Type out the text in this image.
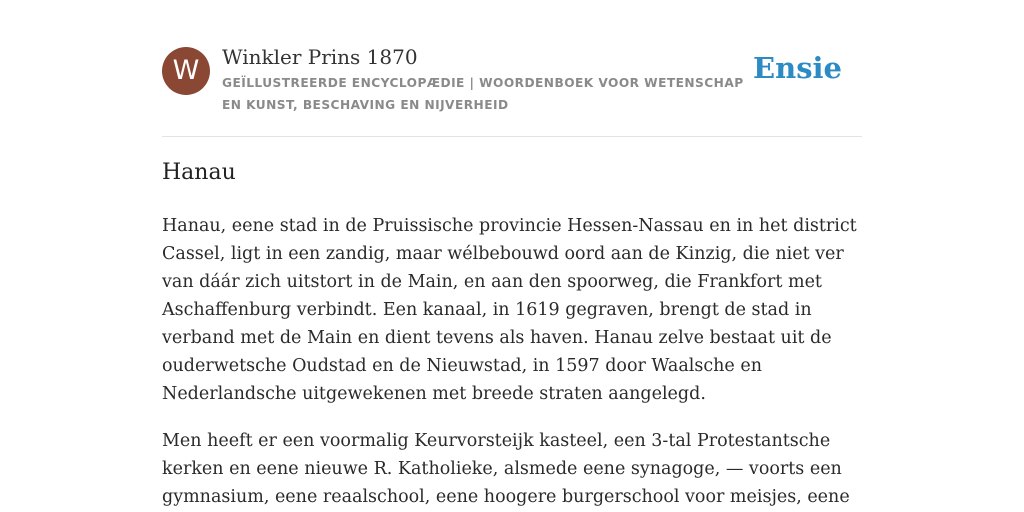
W	Winkler Prins 1870
GEÏLLUSTREERDE ENCYCLOPÆDIE | WOORDENBOEK VOOR WETENSCHAP EN KUNST, BESCHAVING EN NIJVERHEID
Ensie
Hanau

Hanau, eene stad in de Pruissische provincie Hessen-Nassau en in het district Cassel, ligt in een zandig, maar wélbebouwd oord aan de Kinzig, die niet ver van dáár zich uitstort in de Main, en aan den spoorweg, die Frankfort met Aschaffenburg verbindt. Een kanaal, in 1619 gegraven, brengt de stad in verband met de Main en dient tevens als haven. Hanau zelve bestaat uit de ouderwetsche Oudstad en de Nieuwstad, in 1597 door Waalsche en Nederlandsche uitgewekenen met breede straten aangelegd.

Men heeft er een voormalig Keurvorsteijk kasteel, een 3-tal Protestantsche kerken en eene nieuwe R. Katholieke, alsmede eene synagoge, — voorts een gymnasium, eene reaalschool, eene hoogere burgerschool voor meisjes, eene
